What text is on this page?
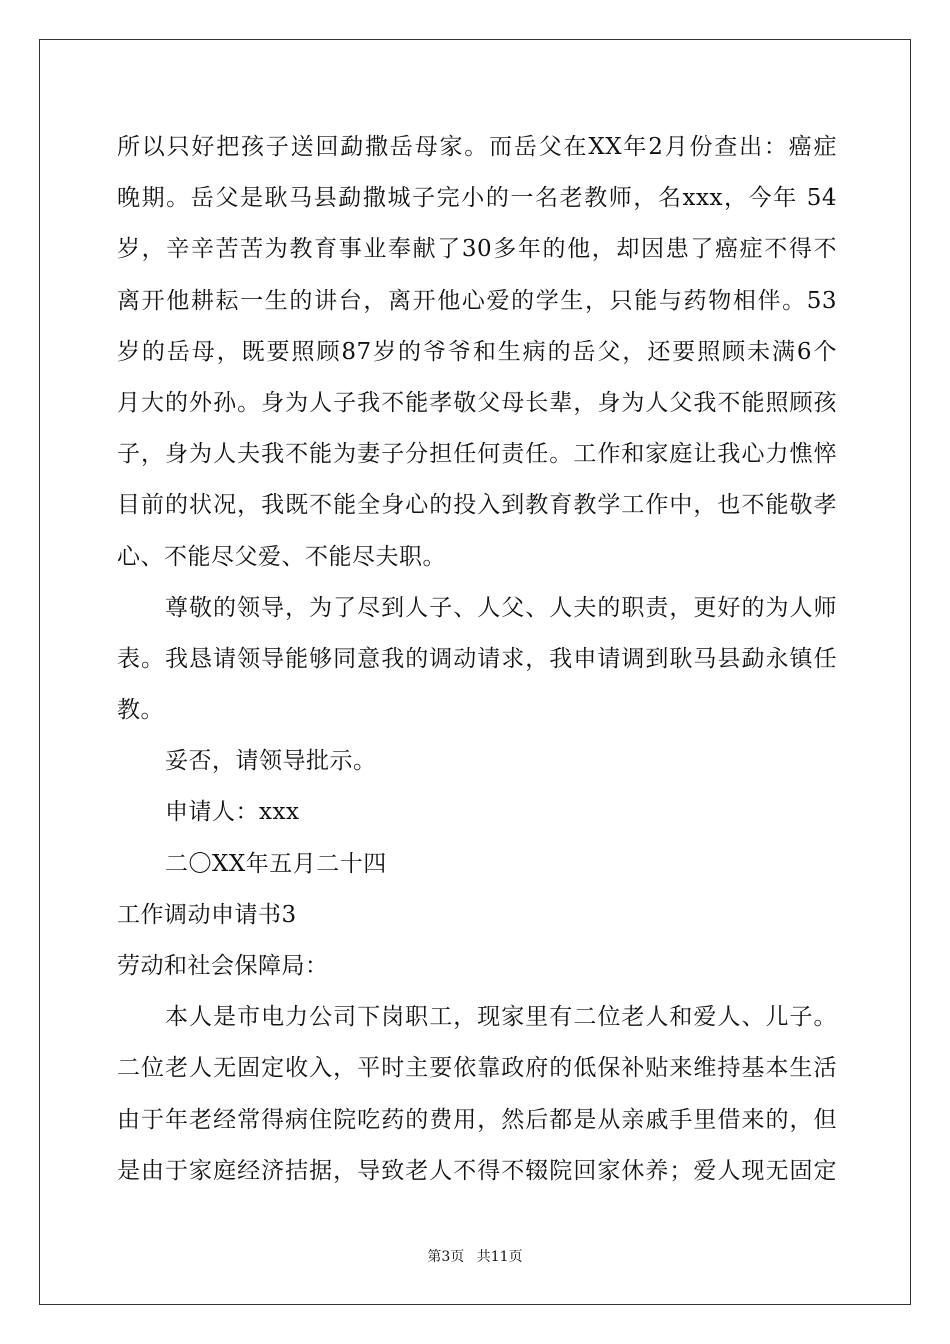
所以只好把孩子送回勐撒岳母家。而岳父在XX年2月份查出：癌症
晚期。岳父是耿马县勐撒城子完小的一名老教师，名xxx，今年 54
岁，辛辛苦苦为教育事业奉献了30多年的他，却因患了癌症不得不
离开他耕耘一生的讲台，离开他心爱的学生，只能与药物相伴。53
岁的岳母，既要照顾87岁的爷爷和生病的岳父，还要照顾未满6个
月大的外孙。身为人子我不能孝敬父母长辈，身为人父我不能照顾孩
子，身为人夫我不能为妻子分担任何责任。工作和家庭让我心力憔悴
目前的状况，我既不能全身心的投入到教育教学工作中，也不能敬孝
心、不能尽父爱、不能尽夫职。
尊敬的领导，为了尽到人子、人父、人夫的职责，更好的为人师
表。我恳请领导能够同意我的调动请求，我申请调到耿马县勐永镇任
教。
妥否，请领导批示。
申请人：xxx
二〇XX年五月二十四
工作调动申请书3
劳动和社会保障局：
本人是市电力公司下岗职工，现家里有二位老人和爱人、儿子。
二位老人无固定收入，平时主要依靠政府的低保补贴来维持基本生活
由于年老经常得病住院吃药的费用，然后都是从亲戚手里借来的，但
是由于家庭经济拮据，导致老人不得不辍院回家休养；爱人现无固定
第3页 共11页
